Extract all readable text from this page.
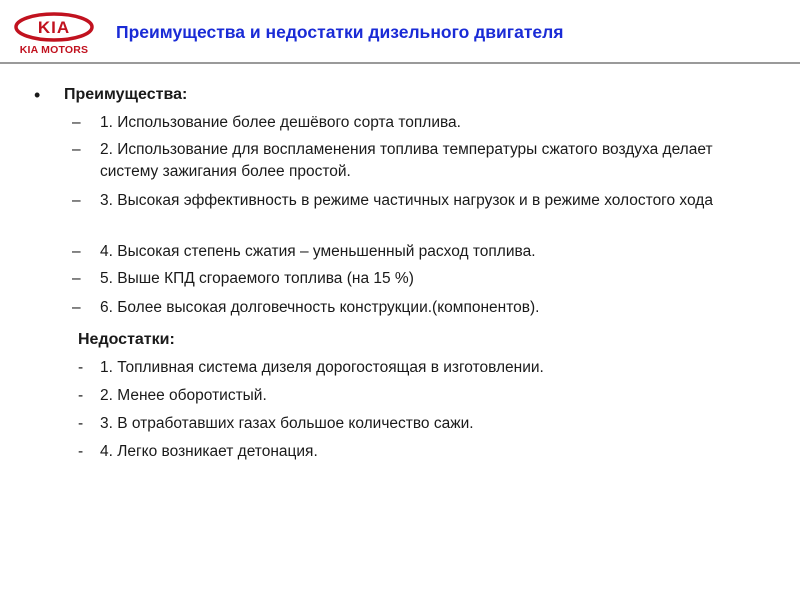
KIA
KIA MOTORS
Преимущества и недостатки дизельного двигателя
• Преимущества:
–	1. Использование более дешёвого сорта топлива.
–	2. Использование для воспламенения топлива температуры сжатого воздуха делает систему зажигания более простой.
–	3. Высокая эффективность в режиме частичных нагрузок и в режиме холостого хода
–	4. Высокая степень сжатия – уменьшенный расход топлива.
–	5. Выше КПД сгораемого топлива (на 15 %)
–	6. Более высокая долговечность конструкции.(компонентов).
Недостатки:
-	1. Топливная система дизеля дорогостоящая в изготовлении.
-	2. Менее оборотистый.
-	3. В отработавших газах большое количество сажи.
-	4. Легко возникает детонация.
